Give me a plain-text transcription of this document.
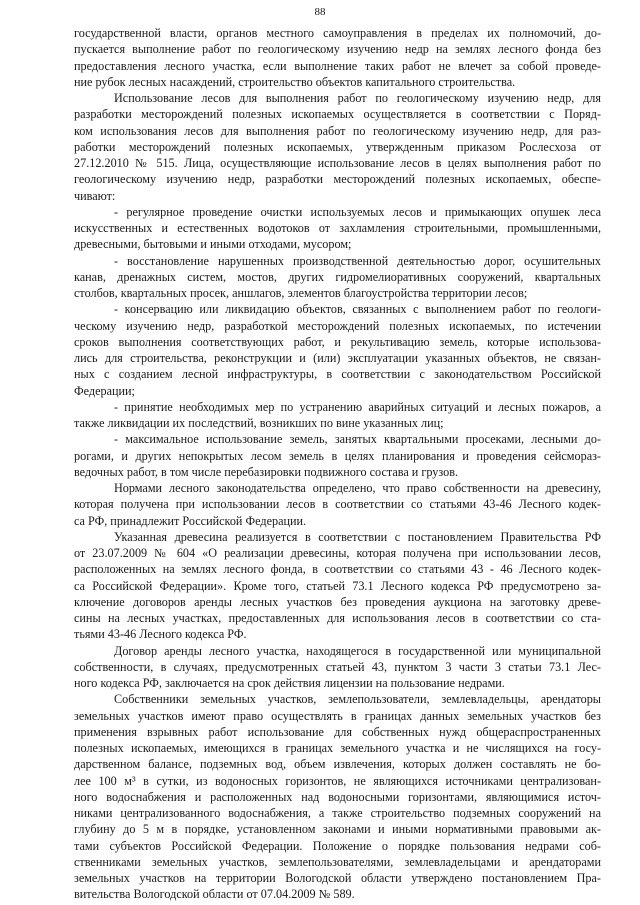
88
государственной власти, органов местного самоуправления в пределах их полномочий, до-
пускается выполнение работ по геологическому изучению недр на землях лесного фонда без
предоставления лесного участка, если выполнение таких работ не влечет за собой проведе-
ние рубок лесных насаждений, строительство объектов капитального строительства.
Использование лесов для выполнения работ по геологическому изучению недр, для
разработки месторождений полезных ископаемых осуществляется в соответствии с Поряд-
ком использования лесов для выполнения работ по геологическому изучению недр, для раз-
работки месторождений полезных ископаемых, утвержденным приказом Рослесхоза от
27.12.2010 № 515. Лица, осуществляющие использование лесов в целях выполнения работ по
геологическому изучению недр, разработки месторождений полезных ископаемых, обеспе-
чивают:
- регулярное проведение очистки используемых лесов и примыкающих опушек леса
искусственных и естественных водотоков от захламления строительными, промышленными,
древесными, бытовыми и иными отходами, мусором;
- восстановление нарушенных производственной деятельностью дорог, осушительных
канав, дренажных систем, мостов, других гидромелиоративных сооружений, квартальных
столбов, квартальных просек, аншлагов, элементов благоустройства территории лесов;
- консервацию или ликвидацию объектов, связанных с выполнением работ по геологи-
ческому изучению недр, разработкой месторождений полезных ископаемых, по истечении
сроков выполнения соответствующих работ, и рекультивацию земель, которые использова-
лись для строительства, реконструкции и (или) эксплуатации указанных объектов, не связан-
ных с созданием лесной инфраструктуры, в соответствии с законодательством Российской
Федерации;
- принятие необходимых мер по устранению аварийных ситуаций и лесных пожаров, а
также ликвидации их последствий, возникших по вине указанных лиц;
- максимальное использование земель, занятых квартальными просеками, лесными до-
рогами, и других непокрытых лесом земель в целях планирования и проведения сейсмораз-
ведочных работ, в том числе перебазировки подвижного состава и грузов.
Нормами лесного законодательства определено, что право собственности на древесину,
которая получена при использовании лесов в соответствии со статьями 43-46 Лесного кодек-
са РФ, принадлежит Российской Федерации.
Указанная древесина реализуется в соответствии с постановлением Правительства РФ
от 23.07.2009 № 604 «О реализации древесины, которая получена при использовании лесов,
расположенных на землях лесного фонда, в соответствии со статьями 43 - 46 Лесного кодек-
са Российской Федерации». Кроме того, статьей 73.1 Лесного кодекса РФ предусмотрено за-
ключение договоров аренды лесных участков без проведения аукциона на заготовку древе-
сины на лесных участках, предоставленных для использования лесов в соответствии со ста-
тьями 43-46 Лесного кодекса РФ.
Договор аренды лесного участка, находящегося в государственной или муниципальной
собственности, в случаях, предусмотренных статьей 43, пунктом 3 части 3 статьи 73.1 Лес-
ного кодекса РФ, заключается на срок действия лицензии на пользование недрами.
Собственники земельных участков, землепользователи, землевладельцы, арендаторы
земельных участков имеют право осуществлять в границах данных земельных участков без
применения взрывных работ использование для собственных нужд общераспространенных
полезных ископаемых, имеющихся в границах земельного участка и не числящихся на госу-
дарственном балансе, подземных вод, объем извлечения, которых должен составлять не бо-
лее 100 м³ в сутки, из водоносных горизонтов, не являющихся источниками централизован-
ного водоснабжения и расположенных над водоносными горизонтами, являющимися источ-
никами централизованного водоснабжения, а также строительство подземных сооружений на
глубину до 5 м в порядке, установленном законами и иными нормативными правовыми ак-
тами субъектов Российской Федерации. Положение о порядке пользования недрами соб-
ственниками земельных участков, землепользователями, землевладельцами и арендаторами
земельных участков на территории Вологодской области утверждено постановлением Пра-
вительства Вологодской области от 07.04.2009 № 589.
